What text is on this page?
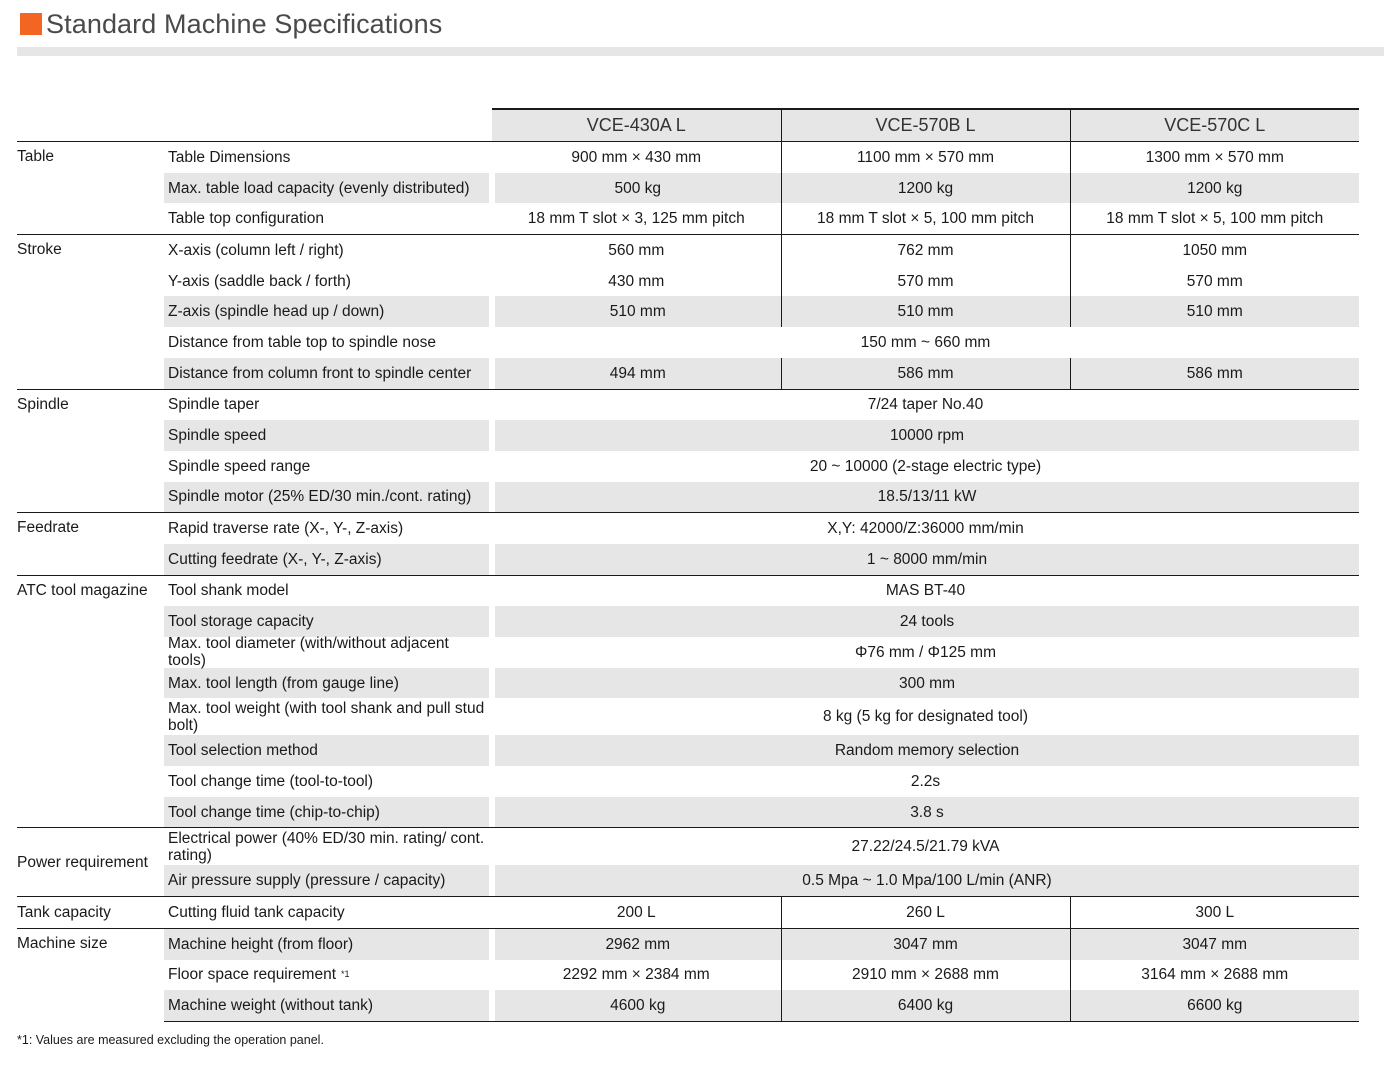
Standard Machine Specifications
		VCE-430A L	VCE-570B L	VCE-570C L
Table	Table Dimensions	900 mm × 430 mm	1100 mm × 570 mm	1300 mm × 570 mm

	Max. table load capacity (evenly distributed)	500 kg	1200 kg	1200 kg

	Table top configuration	18 mm T slot × 3, 125 mm pitch	18 mm T slot × 5, 100 mm pitch	18 mm T slot × 5, 100 mm pitch

Stroke	X-axis (column left / right)	560 mm	762 mm	1050 mm

	Y-axis (saddle back / forth)	430 mm	570 mm	570 mm

	Z-axis (spindle head up / down)	510 mm	510 mm	510 mm

	Distance from table top to spindle nose	150 mm ~ 660 mm		

	Distance from column front to spindle center	494 mm	586 mm	586 mm

Spindle	Spindle taper	7/24 taper No.40		

	Spindle speed	10000 rpm		

	Spindle speed range	20 ~ 10000 (2-stage electric type)		

	Spindle motor (25% ED/30 min./cont. rating)	18.5/13/11 kW		

Feedrate	Rapid traverse rate (X-, Y-, Z-axis)	X,Y: 42000/Z:36000 mm/min		

	Cutting feedrate (X-, Y-, Z-axis)	1 ~ 8000 mm/min		

ATC tool magazine	Tool shank model	MAS BT-40		

	Tool storage capacity	24 tools		

	Max. tool diameter (with/without adjacent tools)	Φ76 mm / Φ125 mm		

	Max. tool length (from gauge line)	300 mm		

	Max. tool weight (with tool shank and pull stud bolt)	8 kg (5 kg for designated tool)		

	Tool selection method	Random memory selection		

	Tool change time (tool-to-tool)	2.2s		

	Tool change time (chip-to-chip)	3.8 s		

Power requirement	Electrical power (40% ED/30 min. rating/ cont. rating)	27.22/24.5/21.79 kVA		

	Air pressure supply (pressure / capacity)	0.5 Mpa ~ 1.0 Mpa/100 L/min (ANR)		

Tank capacity	Cutting fluid tank capacity	200 L	260 L	300 L

Machine size	Machine height (from floor)	2962 mm	3047 mm	3047 mm

	Floor space requirement *1	2292 mm × 2384 mm	2910 mm × 2688 mm	3164 mm × 2688 mm

	Machine weight (without tank)	4600 kg	6400 kg	6600 kg
*1: Values are measured excluding the operation panel.
